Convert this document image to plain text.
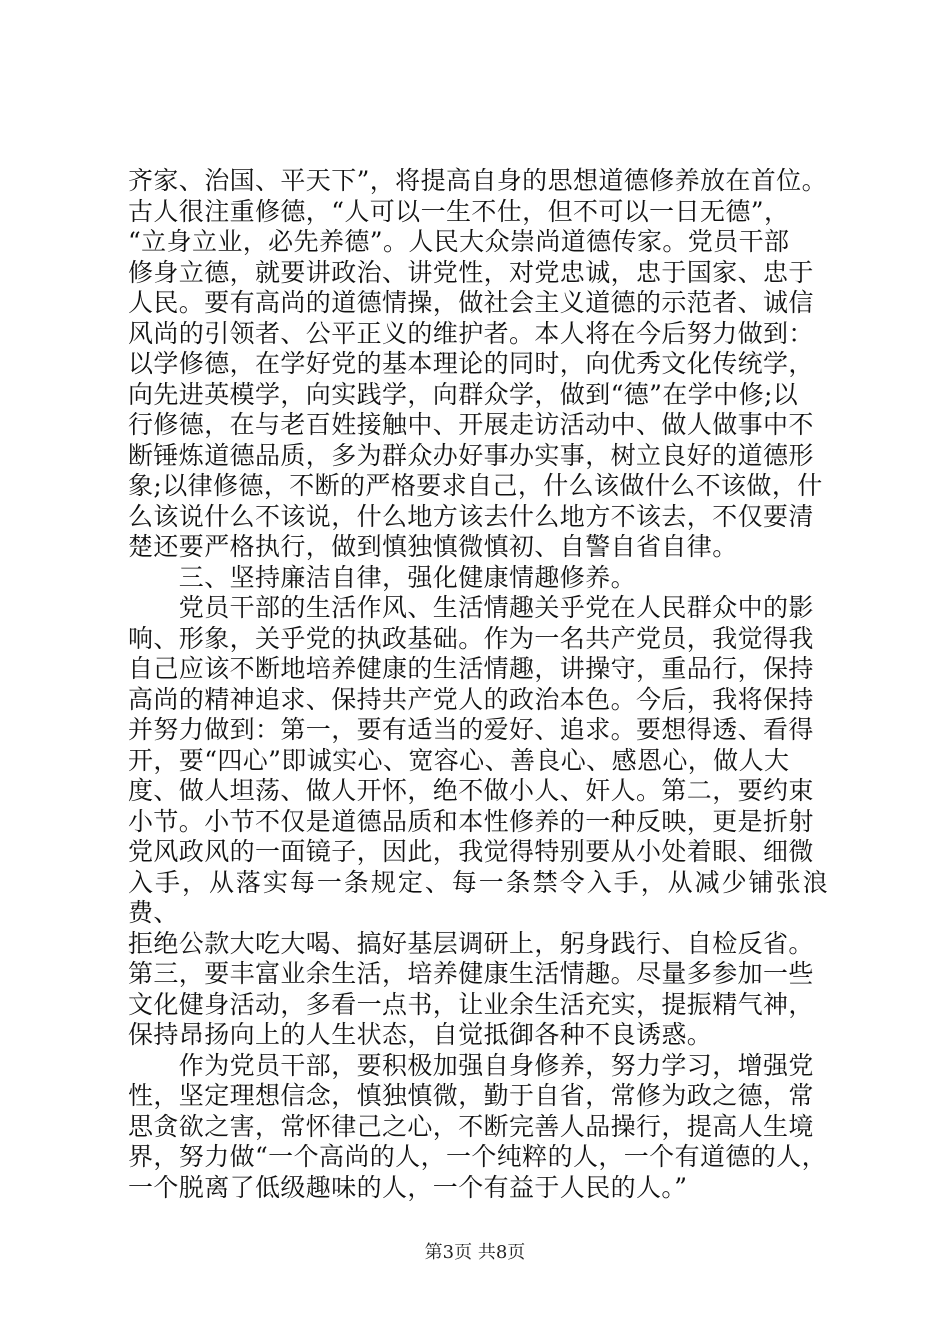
齐家、治国、平天下”，将提高自身的思想道德修养放在首位。
古人很注重修德，“人可以一生不仕，但不可以一日无德”，
“立身立业，必先养德”。人民大众崇尚道德传家。党员干部
修身立德，就要讲政治、讲党性，对党忠诚，忠于国家、忠于
人民。要有高尚的道德情操，做社会主义道德的示范者、诚信
风尚的引领者、公平正义的维护者。本人将在今后努力做到：
以学修德，在学好党的基本理论的同时，向优秀文化传统学，
向先进英模学，向实践学，向群众学，做到“德”在学中修;以
行修德，在与老百姓接触中、开展走访活动中、做人做事中不
断锤炼道德品质，多为群众办好事办实事，树立良好的道德形
象;以律修德，不断的严格要求自己，什么该做什么不该做，什
么该说什么不该说，什么地方该去什么地方不该去，不仅要清
楚还要严格执行，做到慎独慎微慎初、自警自省自律。
　　三、坚持廉洁自律，强化健康情趣修养。
　　党员干部的生活作风、生活情趣关乎党在人民群众中的影
响、形象，关乎党的执政基础。作为一名共产党员，我觉得我
自己应该不断地培养健康的生活情趣，讲操守，重品行，保持
高尚的精神追求、保持共产党人的政治本色。今后，我将保持
并努力做到：第一，要有适当的爱好、追求。要想得透、看得
开，要“四心”即诚实心、宽容心、善良心、感恩心，做人大
度、做人坦荡、做人开怀，绝不做小人、奸人。第二，要约束
小节。小节不仅是道德品质和本性修养的一种反映，更是折射
党风政风的一面镜子，因此，我觉得特别要从小处着眼、细微
入手，从落实每一条规定、每一条禁令入手，从减少铺张浪费、
拒绝公款大吃大喝、搞好基层调研上，躬身践行、自检反省。
第三，要丰富业余生活，培养健康生活情趣。尽量多参加一些
文化健身活动，多看一点书，让业余生活充实，提振精气神，
保持昂扬向上的人生状态，自觉抵御各种不良诱惑。
　　作为党员干部，要积极加强自身修养，努力学习，增强党
性，坚定理想信念，慎独慎微，勤于自省，常修为政之德，常
思贪欲之害，常怀律己之心，不断完善人品操行，提高人生境
界，努力做“一个高尚的人，一个纯粹的人，一个有道德的人，
一个脱离了低级趣味的人，一个有益于人民的人。”
第3页 共8页
